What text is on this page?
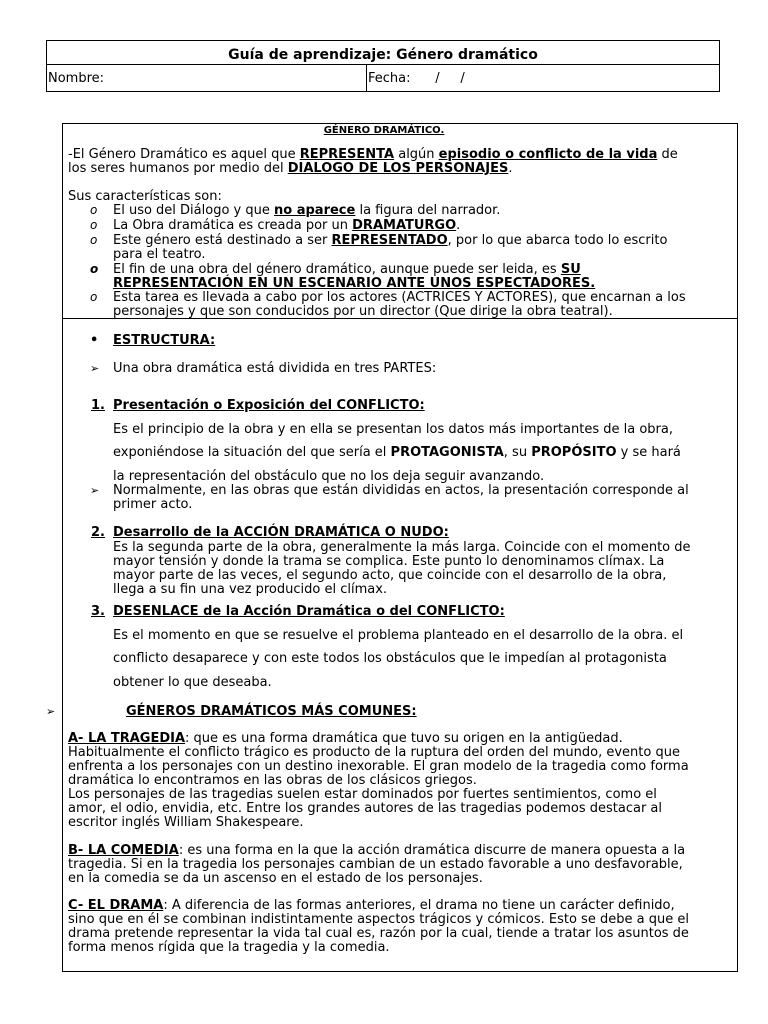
Guía de aprendizaje: Género dramático
Nombre:	Fecha:      /     /
GÉNERO DRAMÁTICO.
-El Género Dramático es aquel que REPRESENTA algún episodio o conflicto de la vida de
los seres humanos por medio del DIALOGO DE LOS PERSONAJES.
Sus características son:
o El uso del Diálogo y que no aparece la figura del narrador.
o La Obra dramática es creada por un DRAMATURGO.
o Este género está destinado a ser REPRESENTADO, por lo que abarca todo lo escrito
para el teatro.
o El fin de una obra del género dramático, aunque puede ser leida, es SU
REPRESENTACIÓN EN UN ESCENARIO ANTE UNOS ESPECTADORES.
o Esta tarea es llevada a cabo por los actores (ACTRICES Y ACTORES), que encarnan a los
personajes y que son conducidos por un director (Que dirige la obra teatral).
• ESTRUCTURA:
➢ Una obra dramática está dividida en tres PARTES:
1. Presentación o Exposición del CONFLICTO:
Es el principio de la obra y en ella se presentan los datos más importantes de la obra,
exponiéndose la situación del que sería el PROTAGONISTA, su PROPÓSITO y se hará
la representación del obstáculo que no los deja seguir avanzando.
➢ Normalmente, en las obras que están divididas en actos, la presentación corresponde al
primer acto.
2. Desarrollo de la ACCIÓN DRAMÁTICA O NUDO:
Es la segunda parte de la obra, generalmente la más larga. Coincide con el momento de
mayor tensión y donde la trama se complica. Este punto lo denominamos clímax. La
mayor parte de las veces, el segundo acto, que coincide con el desarrollo de la obra,
llega a su fin una vez producido el clímax.
3. DESENLACE de la Acción Dramática o del CONFLICTO:
Es el momento en que se resuelve el problema planteado en el desarrollo de la obra. el
conflicto desaparece y con este todos los obstáculos que le impedían al protagonista
obtener lo que deseaba.
➢	GÉNEROS DRAMÁTICOS MÁS COMUNES:
A- LA TRAGEDIA: que es una forma dramática que tuvo su origen en la antigüedad.
Habitualmente el conflicto trágico es producto de la ruptura del orden del mundo, evento que
enfrenta a los personajes con un destino inexorable. El gran modelo de la tragedia como forma
dramática lo encontramos en las obras de los clásicos griegos.
Los personajes de las tragedias suelen estar dominados por fuertes sentimientos, como el
amor, el odio, envidia, etc. Entre los grandes autores de las tragedias podemos destacar al
escritor inglés William Shakespeare.
B- LA COMEDIA: es una forma en la que la acción dramática discurre de manera opuesta a la
tragedia. Si en la tragedia los personajes cambian de un estado favorable a uno desfavorable,
en la comedia se da un ascenso en el estado de los personajes.
C- EL DRAMA: A diferencia de las formas anteriores, el drama no tiene un carácter definido,
sino que en él se combinan indistintamente aspectos trágicos y cómicos. Esto se debe a que el
drama pretende representar la vida tal cual es, razón por la cual, tiende a tratar los asuntos de
forma menos rígida que la tragedia y la comedia.
